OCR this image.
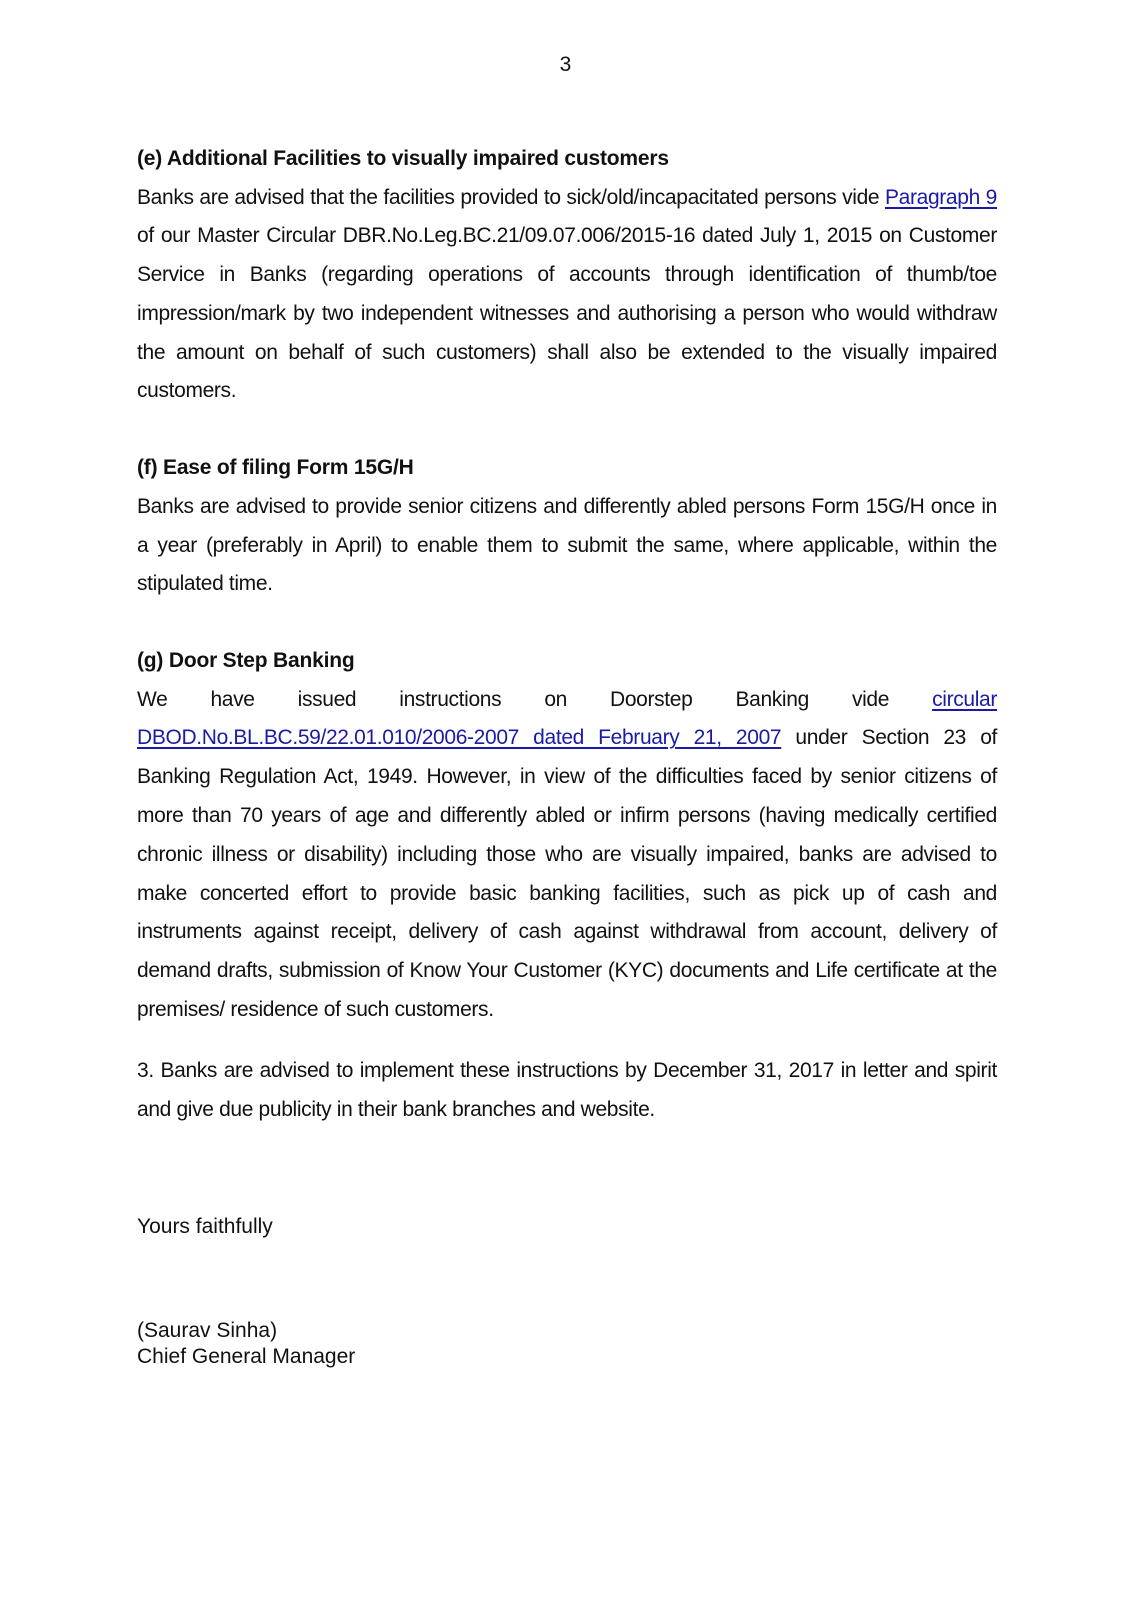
3

(e) Additional Facilities to visually impaired customers

Banks are advised that the facilities provided to sick/old/incapacitated persons vide Paragraph 9 of our Master Circular DBR.No.Leg.BC.21/09.07.006/2015-16 dated July 1, 2015 on Customer Service in Banks (regarding operations of accounts through identification of thumb/toe impression/mark by two independent witnesses and authorising a person who would withdraw the amount on behalf of such customers) shall also be extended to the visually impaired customers.

(f) Ease of filing Form 15G/H

Banks are advised to provide senior citizens and differently abled persons Form 15G/H once in a year (preferably in April) to enable them to submit the same, where applicable, within the stipulated time.

(g) Door Step Banking

We have issued instructions on Doorstep Banking vide circular DBOD.No.BL.BC.59/22.01.010/2006-2007 dated February 21, 2007 under Section 23 of Banking Regulation Act, 1949. However, in view of the difficulties faced by senior citizens of more than 70 years of age and differently abled or infirm persons (having medically certified chronic illness or disability) including those who are visually impaired, banks are advised to make concerted effort to provide basic banking facilities, such as pick up of cash and instruments against receipt, delivery of cash against withdrawal from account, delivery of demand drafts, submission of Know Your Customer (KYC) documents and Life certificate at the premises/ residence of such customers.

3. Banks are advised to implement these instructions by December 31, 2017 in letter and spirit and give due publicity in their bank branches and website.

Yours faithfully
(Saurav Sinha)
Chief General Manager
